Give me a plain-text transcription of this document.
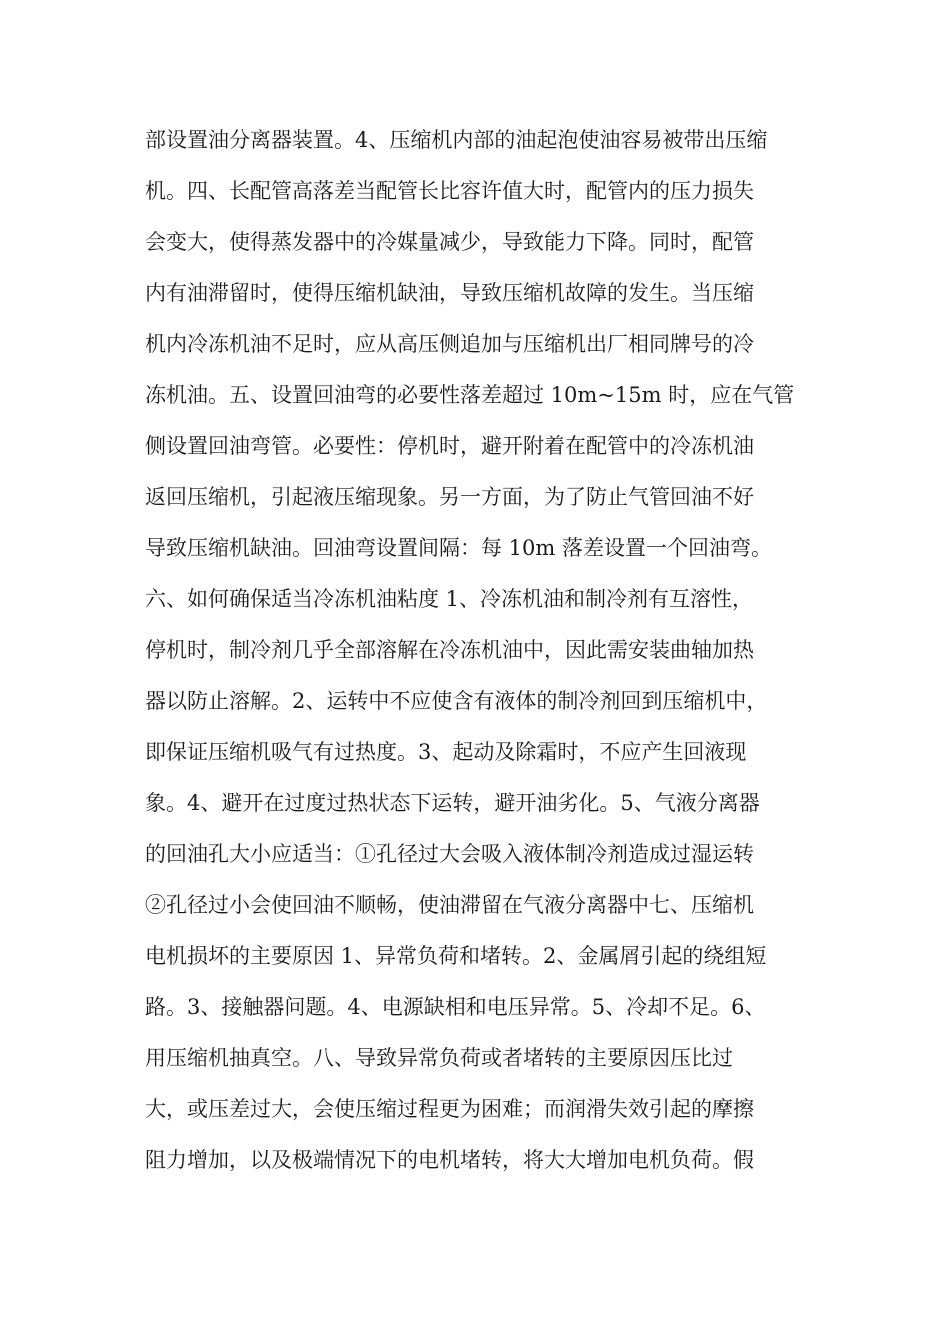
部设置油分离器装置。4、压缩机内部的油起泡使油容易被带出压缩
机。四、长配管高落差当配管长比容许值大时，配管内的压力损失
会变大，使得蒸发器中的冷媒量减少，导致能力下降。同时，配管
内有油滞留时，使得压缩机缺油，导致压缩机故障的发生。当压缩
机内冷冻机油不足时，应从高压侧追加与压缩机出厂相同牌号的冷
冻机油。五、设置回油弯的必要性落差超过 10m~15m 时，应在气管
侧设置回油弯管。必要性：停机时，避开附着在配管中的冷冻机油
返回压缩机，引起液压缩现象。另一方面，为了防止气管回油不好
导致压缩机缺油。回油弯设置间隔：每 10m 落差设置一个回油弯。
六、如何确保适当冷冻机油粘度 1、冷冻机油和制冷剂有互溶性，
停机时，制冷剂几乎全部溶解在冷冻机油中，因此需安装曲轴加热
器以防止溶解。2、运转中不应使含有液体的制冷剂回到压缩机中，
即保证压缩机吸气有过热度。3、起动及除霜时，不应产生回液现
象。4、避开在过度过热状态下运转，避开油劣化。5、气液分离器
的回油孔大小应适当：①孔径过大会吸入液体制冷剂造成过湿运转
②孔径过小会使回油不顺畅，使油滞留在气液分离器中七、压缩机
电机损坏的主要原因 1、异常负荷和堵转。2、金属屑引起的绕组短
路。3、接触器问题。4、电源缺相和电压异常。5、冷却不足。6、
用压缩机抽真空。八、导致异常负荷或者堵转的主要原因压比过
大，或压差过大，会使压缩过程更为困难；而润滑失效引起的摩擦
阻力增加，以及极端情况下的电机堵转，将大大增加电机负荷。假
